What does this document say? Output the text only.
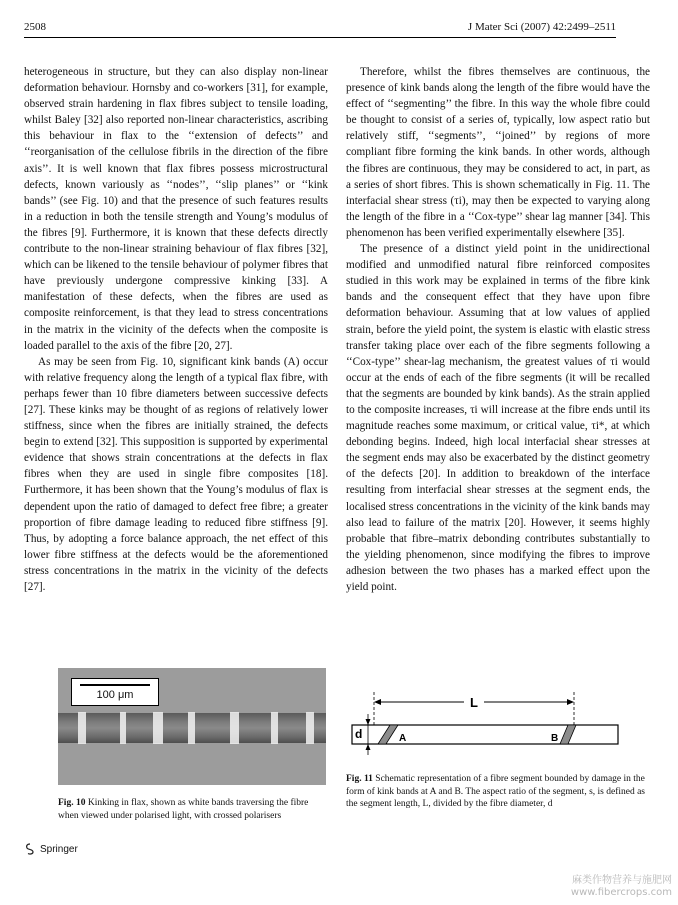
2508	J Mater Sci (2007) 42:2499–2511

heterogeneous in structure, but they can also display non-linear deformation behaviour. Hornsby and co-workers [31], for example, observed strain hardening in flax fibres subject to tensile loading, whilst Baley [32] also reported non-linear characteristics, ascribing this behaviour in flax to the ‘‘extension of defects’’ and ‘‘reorganisation of the cellulose fibrils in the direction of the fibre axis’’. It is well known that flax fibres possess microstructural defects, known variously as ‘‘nodes’’, ‘‘slip planes’’ or ‘‘kink bands’’ (see Fig. 10) and that the presence of such features results in a reduction in both the tensile strength and Young’s modulus of the fibres [9]. Furthermore, it is known that these defects directly contribute to the non-linear straining behaviour of flax fibres [32], which can be likened to the tensile behaviour of polymer fibres that have previously undergone compressive kinking [33]. A manifestation of these defects, when the fibres are used as composite reinforcement, is that they lead to stress concentrations in the matrix in the vicinity of the defects when the composite is loaded parallel to the axis of the fibre [20, 27].

As may be seen from Fig. 10, significant kink bands (A) occur with relative frequency along the length of a typical flax fibre, with perhaps fewer than 10 fibre diameters between successive defects [27]. These kinks may be thought of as regions of relatively lower stiffness, since when the fibres are initially strained, the defects begin to extend [32]. This supposition is supported by experimental evidence that shows strain concentrations at the defects in flax fibres when they are used in single fibre composites [18]. Furthermore, it has been shown that the Young’s modulus of flax is dependent upon the ratio of damaged to defect free fibre; a greater proportion of fibre damage leading to reduced fibre stiffness [9]. Thus, by adopting a force balance approach, the net effect of this lower fibre stiffness at the defects would be the aforementioned stress concentrations in the matrix in the vicinity of the defects [27].

Therefore, whilst the fibres themselves are continuous, the presence of kink bands along the length of the fibre would have the effect of ‘‘segmenting’’ the fibre. In this way the whole fibre could be thought to consist of a series of, typically, low aspect ratio but relatively stiff, ‘‘segments’’, ‘‘joined’’ by regions of more compliant fibre forming the kink bands. In other words, although the fibres are continuous, they may be considered to act, in part, as a series of short fibres. This is shown schematically in Fig. 11. The interfacial shear stress (τi), may then be expected to varying along the length of the fibre in a ‘‘Cox-type’’ shear lag manner [34]. This phenomenon has been verified experimentally elsewhere [35].

The presence of a distinct yield point in the unidirectional modified and unmodified natural fibre reinforced composites studied in this work may be explained in terms of the fibre kink bands and the consequent effect that they have upon fibre deformation behaviour. Assuming that at low values of applied strain, before the yield point, the system is elastic with elastic stress transfer taking place over each of the fibre segments following a ‘‘Cox-type’’ shear-lag mechanism, the greatest values of τi would occur at the ends of each of the fibre segments (it will be recalled that the segments are bounded by kink bands). As the strain applied to the composite increases, τi will increase at the fibre ends until its magnitude reaches some maximum, or critical value, τi*, at which debonding begins. Indeed, high local interfacial shear stresses at the segment ends may also be exacerbated by the distinct geometry of the defects [20]. In addition to breakdown of the interface resulting from interfacial shear stresses at the segment ends, the localised stress concentrations in the vicinity of the kink bands may also lead to failure of the matrix [20]. However, it seems highly probable that fibre–matrix debonding contributes substantially to the yielding phenomenon, since modifying the fibres to improve adhesion between the two phases has a marked effect upon the yield point.

100 μm
Fig. 10 Kinking in flax, shown as white bands traversing the fibre when viewed under polarised light, with crossed polarisers
L
A	B
d
Fig. 11 Schematic representation of a fibre segment bounded by damage in the form of kink bands at A and B. The aspect ratio of the segment, s, is defined as the segment length, L, divided by the fibre diameter, d
Springer
麻类作物营养与施肥网
www.fibercrops.com
